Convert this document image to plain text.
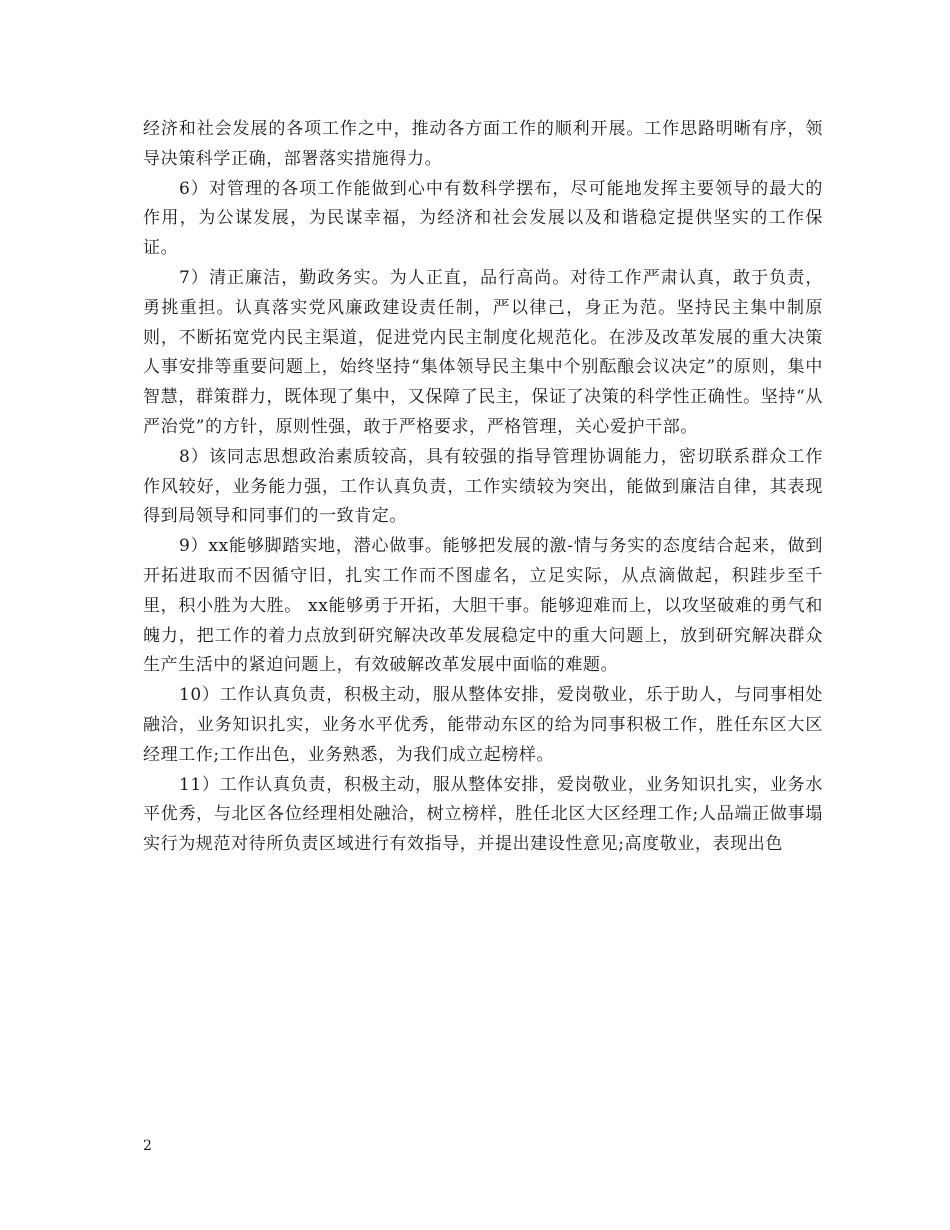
经济和社会发展的各项工作之中，推动各方面工作的顺利开展。工作思路明晰有序，领导决策科学正确，部署落实措施得力。

6）对管理的各项工作能做到心中有数科学摆布，尽可能地发挥主要领导的最大的作用，为公谋发展，为民谋幸福，为经济和社会发展以及和谐稳定提供坚实的工作保证。

7）清正廉洁，勤政务实。为人正直，品行高尚。对待工作严肃认真，敢于负责，勇挑重担。认真落实党风廉政建设责任制，严以律己，身正为范。坚持民主集中制原则，不断拓宽党内民主渠道，促进党内民主制度化规范化。在涉及改革发展的重大决策人事安排等重要问题上，始终坚持“集体领导民主集中个别酝酿会议决定”的原则，集中智慧，群策群力，既体现了集中，又保障了民主，保证了决策的科学性正确性。坚持“从严治党”的方针，原则性强，敢于严格要求，严格管理，关心爱护干部。

8）该同志思想政治素质较高，具有较强的指导管理协调能力，密切联系群众工作作风较好，业务能力强，工作认真负责，工作实绩较为突出，能做到廉洁自律，其表现得到局领导和同事们的一致肯定。

9）xx能够脚踏实地，潜心做事。能够把发展的激-情与务实的态度结合起来，做到开拓进取而不因循守旧，扎实工作而不图虚名，立足实际，从点滴做起，积跬步至千里，积小胜为大胜。 xx能够勇于开拓，大胆干事。能够迎难而上，以攻坚破难的勇气和魄力，把工作的着力点放到研究解决改革发展稳定中的重大问题上，放到研究解决群众生产生活中的紧迫问题上，有效破解改革发展中面临的难题。

10）工作认真负责，积极主动，服从整体安排，爱岗敬业，乐于助人，与同事相处融洽，业务知识扎实，业务水平优秀，能带动东区的给为同事积极工作，胜任东区大区经理工作;工作出色，业务熟悉，为我们成立起榜样。

11）工作认真负责，积极主动，服从整体安排，爱岗敬业，业务知识扎实，业务水平优秀，与北区各位经理相处融洽，树立榜样，胜任北区大区经理工作;人品端正做事塌实行为规范对待所负责区域进行有效指导，并提出建设性意见;高度敬业，表现出色

2
